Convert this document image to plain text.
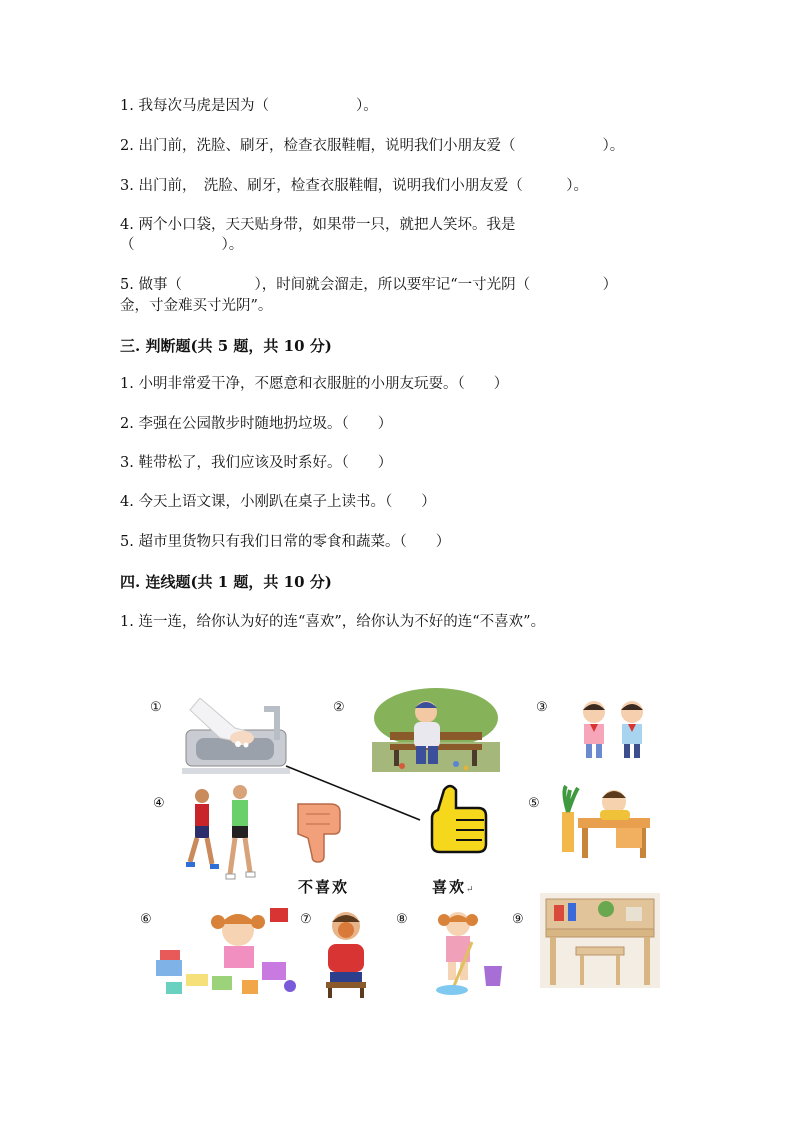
1. 我每次马虎是因为（　　　　　　）。
2. 出门前，洗脸、刷牙，检查衣服鞋帽，说明我们小朋友爱（　　　　　　）。
3. 出门前，　洗脸、刷牙，检查衣服鞋帽，说明我们小朋友爱（　　　）。
4. 两个小口袋，天天贴身带，如果带一只，就把人笑坏。我是
（　　　　　　）。
5. 做事（　　　　　），时间就会溜走，所以要牢记“一寸光阴（　　　　　）
金，寸金难买寸光阴”。
三. 判断题(共 5 题，共 10 分)
1. 小明非常爱干净，不愿意和衣服脏的小朋友玩耍。（　　）
2. 李强在公园散步时随地扔垃圾。（　　）
3. 鞋带松了，我们应该及时系好。（　　）
4. 今天上语文课，小刚趴在桌子上读书。（　　）
5. 超市里货物只有我们日常的零食和蔬菜。（　　）
四. 连线题(共 1 题，共 10 分)
1. 连一连，给你认为好的连“喜欢”，给你认为不好的连“不喜欢”。
①	②	③
④	⑤
⑥	⑦	⑧	⑨
不喜欢	喜欢↵
